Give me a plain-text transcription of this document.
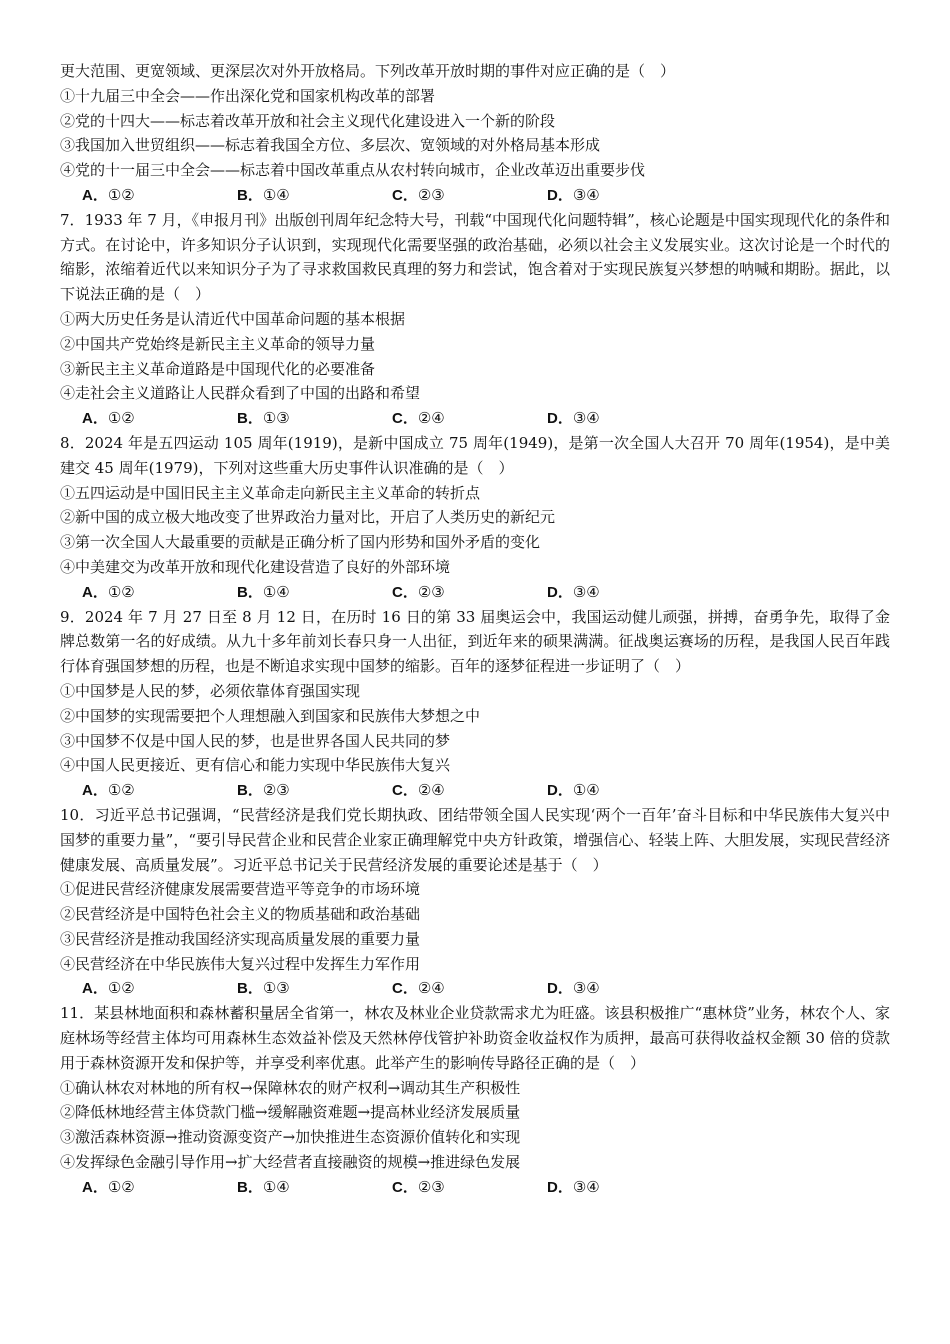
更大范围、更宽领域、更深层次对外开放格局。下列改革开放时期的事件对应正确的是（　）
①十九届三中全会——作出深化党和国家机构改革的部署
②党的十四大——标志着改革开放和社会主义现代化建设进入一个新的阶段
③我国加入世贸组织——标志着我国全方位、多层次、宽领域的对外格局基本形成
④党的十一届三中全会——标志着中国改革重点从农村转向城市，企业改革迈出重要步伐
A．①②	B．①④	C．②③	D．③④
7．1933 年 7 月，《申报月刊》出版创刊周年纪念特大号，刊载“中国现代化问题特辑”，核心论题是中国实现现代化的条件和方式。在讨论中，许多知识分子认识到，实现现代化需要坚强的政治基础，必须以社会主义发展实业。这次讨论是一个时代的缩影，浓缩着近代以来知识分子为了寻求救国救民真理的努力和尝试，饱含着对于实现民族复兴梦想的呐喊和期盼。据此，以下说法正确的是（　）
①两大历史任务是认清近代中国革命问题的基本根据
②中国共产党始终是新民主主义革命的领导力量
③新民主主义革命道路是中国现代化的必要准备
④走社会主义道路让人民群众看到了中国的出路和希望
A．①②	B．①③	C．②④	D．③④
8．2024 年是五四运动 105 周年(1919)，是新中国成立 75 周年(1949)，是第一次全国人大召开 70 周年(1954)，是中美建交 45 周年(1979)，下列对这些重大历史事件认识准确的是（　）
①五四运动是中国旧民主主义革命走向新民主主义革命的转折点
②新中国的成立极大地改变了世界政治力量对比，开启了人类历史的新纪元
③第一次全国人大最重要的贡献是正确分析了国内形势和国外矛盾的变化
④中美建交为改革开放和现代化建设营造了良好的外部环境
A．①②	B．①④	C．②③	D．③④
9．2024 年 7 月 27 日至 8 月 12 日，在历时 16 日的第 33 届奥运会中，我国运动健儿顽强，拼搏，奋勇争先，取得了金牌总数第一名的好成绩。从九十多年前刘长春只身一人出征，到近年来的硕果满满。征战奥运赛场的历程，是我国人民百年践行体育强国梦想的历程，也是不断追求实现中国梦的缩影。百年的逐梦征程进一步证明了（　）
①中国梦是人民的梦，必须依靠体育强国实现
②中国梦的实现需要把个人理想融入到国家和民族伟大梦想之中
③中国梦不仅是中国人民的梦，也是世界各国人民共同的梦
④中国人民更接近、更有信心和能力实现中华民族伟大复兴
A．①②	B．②③	C．②④	D．①④
10．习近平总书记强调，“民营经济是我们党长期执政、团结带领全国人民实现‘两个一百年’奋斗目标和中华民族伟大复兴中国梦的重要力量”，“要引导民营企业和民营企业家正确理解党中央方针政策，增强信心、轻装上阵、大胆发展，实现民营经济健康发展、高质量发展”。习近平总书记关于民营经济发展的重要论述是基于（　）
①促进民营经济健康发展需要营造平等竞争的市场环境
②民营经济是中国特色社会主义的物质基础和政治基础
③民营经济是推动我国经济实现高质量发展的重要力量
④民营经济在中华民族伟大复兴过程中发挥生力军作用
A．①②	B．①③	C．②④	D．③④
11．某县林地面积和森林蓄积量居全省第一，林农及林业企业贷款需求尤为旺盛。该县积极推广“惠林贷”业务，林农个人、家庭林场等经营主体均可用森林生态效益补偿及天然林停伐管护补助资金收益权作为质押，最高可获得收益权金额 30 倍的贷款用于森林资源开发和保护等，并享受利率优惠。此举产生的影响传导路径正确的是（　）
①确认林农对林地的所有权→保障林农的财产权利→调动其生产积极性
②降低林地经营主体贷款门槛→缓解融资难题→提高林业经济发展质量
③激活森林资源→推动资源变资产→加快推进生态资源价值转化和实现
④发挥绿色金融引导作用→扩大经营者直接融资的规模→推进绿色发展
A．①②	B．①④	C．②③	D．③④
